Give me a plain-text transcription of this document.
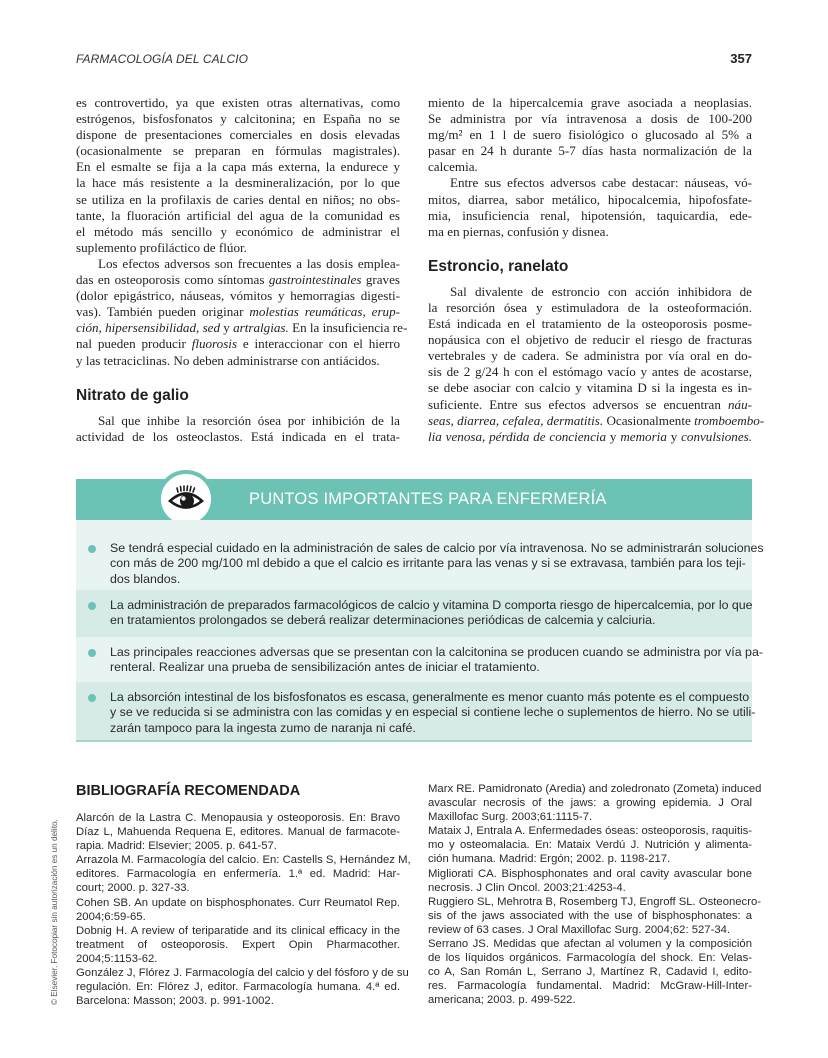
FARMACOLOGÍA DEL CALCIO	357

es controvertido, ya que existen otras alternativas, como
estrógenos, bisfosfonatos y calcitonina; en España no se
dispone de presentaciones comerciales en dosis elevadas
(ocasionalmente se preparan en fórmulas magistrales).
En el esmalte se fija a la capa más externa, la endurece y
la hace más resistente a la desmineralización, por lo que
se utiliza en la profilaxis de caries dental en niños; no obs-
tante, la fluoración artificial del agua de la comunidad es
el método más sencillo y económico de administrar el
suplemento profiláctico de flúor.

Los efectos adversos son frecuentes a las dosis emplea-
das en osteoporosis como síntomas gastrointestinales graves
(dolor epigástrico, náuseas, vómitos y hemorragias digesti-
vas). También pueden originar molestias reumáticas, erup-
ción, hipersensibilidad, sed y artralgias. En la insuficiencia re-
nal pueden producir fluorosis e interaccionar con el hierro
y las tetraciclinas. No deben administrarse con antiácidos.

Nitrato de galio

Sal que inhibe la resorción ósea por inhibición de la
actividad de los osteoclastos. Está indicada en el trata-

miento de la hipercalcemia grave asociada a neoplasias.
Se administra por vía intravenosa a dosis de 100-200
mg/m² en 1 l de suero fisiológico o glucosado al 5% a
pasar en 24 h durante 5-7 días hasta normalización de la
calcemia.

Entre sus efectos adversos cabe destacar: náuseas, vó-
mitos, diarrea, sabor metálico, hipocalcemia, hipofosfate-
mia, insuficiencia renal, hipotensión, taquicardia, ede-
ma en piernas, confusión y disnea.

Estroncio, ranelato

Sal divalente de estroncio con acción inhibidora de
la resorción ósea y estimuladora de la osteoformación.
Está indicada en el tratamiento de la osteoporosis posme-
nopáusica con el objetivo de reducir el riesgo de fracturas
vertebrales y de cadera. Se administra por vía oral en do-
sis de 2 g/24 h con el estómago vacío y antes de acostarse,
se debe asociar con calcio y vitamina D si la ingesta es in-
suficiente. Entre sus efectos adversos se encuentran náu-
seas, diarrea, cefalea, dermatitis. Ocasionalmente tromboembo-
lia venosa, pérdida de conciencia y memoria y convulsiones.

PUNTOS IMPORTANTES PARA ENFERMERÍA
Se tendrá especial cuidado en la administración de sales de calcio por vía intravenosa. No se administrarán soluciones
con más de 200 mg/100 ml debido a que el calcio es irritante para las venas y si se extravasa, también para los teji-
dos blandos.
La administración de preparados farmacológicos de calcio y vitamina D comporta riesgo de hipercalcemia, por lo que
en tratamientos prolongados se deberá realizar determinaciones periódicas de calcemia y calciuria.
Las principales reacciones adversas que se presentan con la calcitonina se producen cuando se administra por vía pa-
renteral. Realizar una prueba de sensibilización antes de iniciar el tratamiento.
La absorción intestinal de los bisfosfonatos es escasa, generalmente es menor cuanto más potente es el compuesto
y se ve reducida si se administra con las comidas y en especial si contiene leche o suplementos de hierro. No se utili-
zarán tampoco para la ingesta zumo de naranja ni café.
BIBLIOGRAFÍA RECOMENDADA
Alarcón de la Lastra C. Menopausia y osteoporosis. En: Bravo
Díaz L, Mahuenda Requena E, editores. Manual de farmacote-
rapia. Madrid: Elsevier; 2005. p. 641-57.
Arrazola M. Farmacología del calcio. En: Castells S, Hernández M,
editores. Farmacología en enfermería. 1.ª ed. Madrid: Har-
court; 2000. p. 327-33.
Cohen SB. An update on bisphosphonates. Curr Reumatol Rep.
2004;6:59-65.
Dobnig H. A review of teriparatide and its clinical efficacy in the
treatment of osteoporosis. Expert Opin Pharmacother.
2004;5:1153-62.
González J, Flórez J. Farmacología del calcio y del fósforo y de su
regulación. En: Flórez J, editor. Farmacología humana. 4.ª ed.
Barcelona: Masson; 2003. p. 991-1002.
Marx RE. Pamidronato (Aredia) and zoledronato (Zometa) induced
avascular necrosis of the jaws: a growing epidemia. J Oral
Maxillofac Surg. 2003;61:1115-7.
Mataix J, Entrala A. Enfermedades óseas: osteoporosis, raquitis-
mo y osteomalacia. En: Mataix Verdú J. Nutrición y alimenta-
ción humana. Madrid: Ergón; 2002. p. 1198-217.
Migliorati CA. Bisphosphonates and oral cavity avascular bone
necrosis. J Clin Oncol. 2003;21:4253-4.
Ruggiero SL, Mehrotra B, Rosemberg TJ, Engroff SL. Osteonecro-
sis of the jaws associated with the use of bisphosphonates: a
review of 63 cases. J Oral Maxillofac Surg. 2004;62: 527-34.
Serrano JS. Medidas que afectan al volumen y la composición
de los líquidos orgánicos. Farmacología del shock. En: Velas-
co A, San Román L, Serrano J, Martínez R, Cadavid I, edito-
res. Farmacología fundamental. Madrid: McGraw-Hill-Inter-
americana; 2003. p. 499-522.
© Elsevier. Fotocopiar sin autorización es un delito.
